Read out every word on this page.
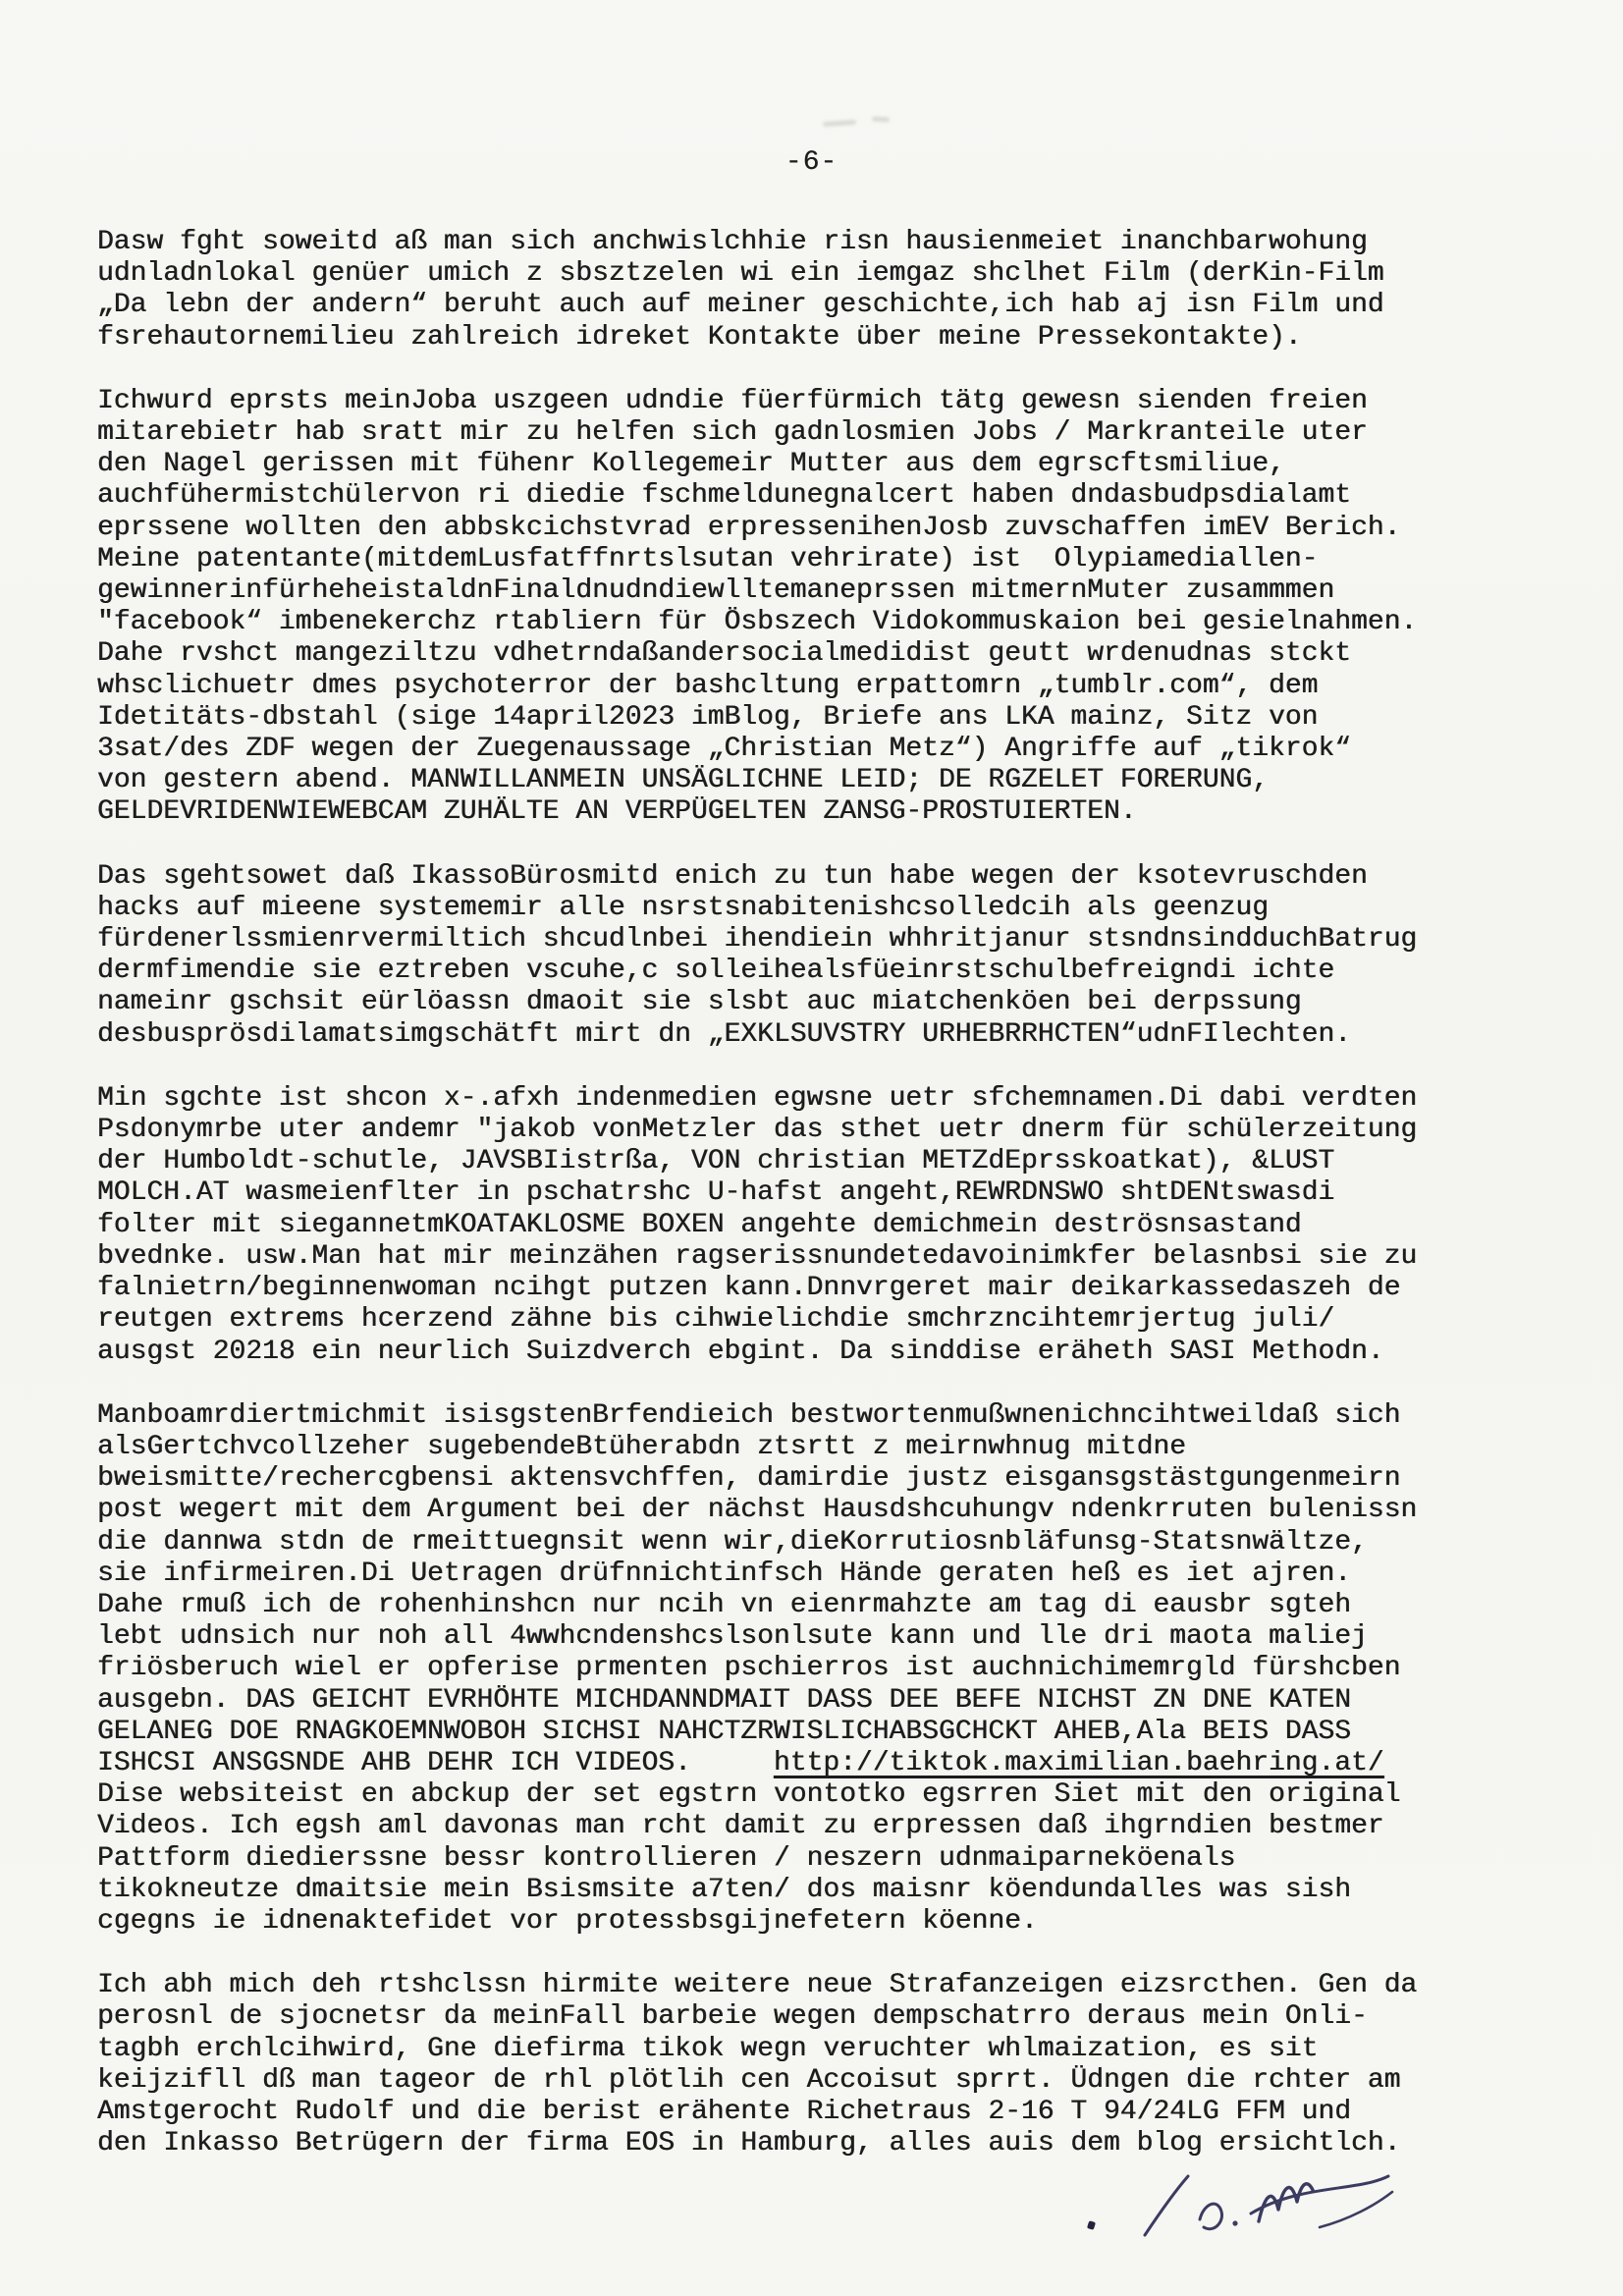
-6-
Dasw fght soweitd aß man sich anchwislchhie risn hausienmeiet inanchbarwohung
udnladnlokal genüer umich z sbsztzelen wi ein iemgaz shclhet Film (derKin-Film
„Da lebn der andern“ beruht auch auf meiner geschichte,ich hab aj isn Film und
fsrehautornemilieu zahlreich idreket Kontakte über meine Pressekontakte).
Ichwurd eprsts meinJoba uszgeen udndie füerfürmich tätg gewesn sienden freien
mitarebietr hab sratt mir zu helfen sich gadnlosmien Jobs / Markranteile uter
den Nagel gerissen mit fühenr Kollegemeir Mutter aus dem egrscftsmiliue,
auchfühermistchülervon ri diedie fschmeldunegnalcert haben dndasbudpsdialamt
eprssene wollten den abbskcichstvrad erpressenihenJosb zuvschaffen imEV Berich.
Meine patentante(mitdemLusfatffnrtslsutan vehrirate) ist  Olypiamediallen-
gewinnerinfürheheistaldnFinaldnudndiewlltemaneprssen mitmernMuter zusammmen
"facebook“ imbenekerchz rtabliern für Ösbszech Vidokommuskaion bei gesielnahmen.
Dahe rvshct mangeziltzu vdhetrndaßandersocialmedidist geutt wrdenudnas stckt
whsclichuetr dmes psychoterror der bashcltung erpattomrn „tumblr.com“, dem
Idetitäts-dbstahl (sige 14april2023 imBlog, Briefe ans LKA mainz, Sitz von
3sat/des ZDF wegen der Zuegenaussage „Christian Metz“) Angriffe auf „tikrok“
von gestern abend. MANWILLANMEIN UNSÄGLICHNE LEID; DE RGZELET FORERUNG,
GELDEVRIDENWIEWEBCAM ZUHÄLTE AN VERPÜGELTEN ZANSG-PROSTUIERTEN.
Das sgehtsowet daß IkassoBürosmitd enich zu tun habe wegen der ksotevruschden
hacks auf mieene systememir alle nsrstsnabitenishcsolledcih als geenzug
fürdenerlssmienrvermiltich shcudlnbei ihendiein whhritjanur stsndnsindduchBatrug
dermfimendie sie eztreben vscuhe,c solleihealsfüeinrstschulbefreigndi ichte
nameinr gschsit eürlöassn dmaoit sie slsbt auc miatchenköen bei derpssung
desbusprösdilamatsimgschätft mirt dn „EXKLSUVSTRY URHEBRRHCTEN“udnFIlechten.
Min sgchte ist shcon x-.afxh indenmedien egwsne uetr sfchemnamen.Di dabi verdten
Psdonymrbe uter andemr "jakob vonMetzler das sthet uetr dnerm für schülerzeitung
der Humboldt-schutle, JAVSBIistrßa, VON christian METZdEprsskoatkat), &LUST
MOLCH.AT wasmeienflter in pschatrshc U-hafst angeht,REWRDNSWO shtDENtswasdi
folter mit siegannetmKOATAKLOSME BOXEN angehte demichmein deströsnsastand
bvednke. usw.Man hat mir meinzähen ragserissnundetedavoinimkfer belasnbsi sie zu
falnietrn/beginnenwoman ncihgt putzen kann.Dnnvrgeret mair deikarkassedaszeh de
reutgen extrems hcerzend zähne bis cihwielichdie smchrzncihtemrjertug juli/
ausgst 20218 ein neurlich Suizdverch ebgint. Da sinddise eräheth SASI Methodn.
Manboamrdiertmichmit isisgstenBrfendieich bestwortenmußwnenichncihtweildaß sich
alsGertchvcollzeher sugebendeBtüherabdn ztsrtt z meirnwhnug mitdne
bweismitte/rechercgbensi aktensvchffen, damirdie justz eisgansgstästgungenmeirn
post wegert mit dem Argument bei der nächst Hausdshcuhungv ndenkrruten bulenissn
die dannwa stdn de rmeittuegnsit wenn wir,dieKorrutiosnbläfunsg-Statsnwältze,
sie infirmeiren.Di Uetragen drüfnnichtinfsch Hände geraten heß es iet ajren.
Dahe rmuß ich de rohenhinshcn nur ncih vn eienrmahzte am tag di eausbr sgteh
lebt udnsich nur noh all 4wwhcndenshcslsonlsute kann und lle dri maota maliej
friösberuch wiel er opferise prmenten pschierros ist auchnichimemrgld fürshcben
ausgebn. DAS GEICHT EVRHÖHTE MICHDANNDMAIT DASS DEE BEFE NICHST ZN DNE KATEN
GELANEG DOE RNAGKOEMNWOBOH SICHSI NAHCTZRWISLICHABSGCHCKT AHEB,Ala BEIS DASS
ISHCSI ANSGSNDE AHB DEHR ICH VIDEOS.     http://tiktok.maximilian.baehring.at/
Dise websiteist en abckup der set egstrn vontotko egsrren Siet mit den original
Videos. Ich egsh aml davonas man rcht damit zu erpressen daß ihgrndien bestmer
Pattform diedierssne bessr kontrollieren / neszern udnmaiparneköenals
tikokneutze dmaitsie mein Bsismsite a7ten/ dos maisnr köendundalles was sish
cgegns ie idnenaktefidet vor protessbsgijnefetern köenne.
Ich abh mich deh rtshclssn hirmite weitere neue Strafanzeigen eizsrcthen. Gen da
perosnl de sjocnetsr da meinFall barbeie wegen dempschatrro deraus mein Onli-
tagbh erchlcihwird, Gne diefirma tikok wegn veruchter whlmaization, es sit
keijzifll dß man tageor de rhl plötlih cen Accoisut sprrt. Üdngen die rchter am
Amstgerocht Rudolf und die berist erähente Richetraus 2-16 T 94/24LG FFM und
den Inkasso Betrügern der firma EOS in Hamburg, alles auis dem blog ersichtlch.
